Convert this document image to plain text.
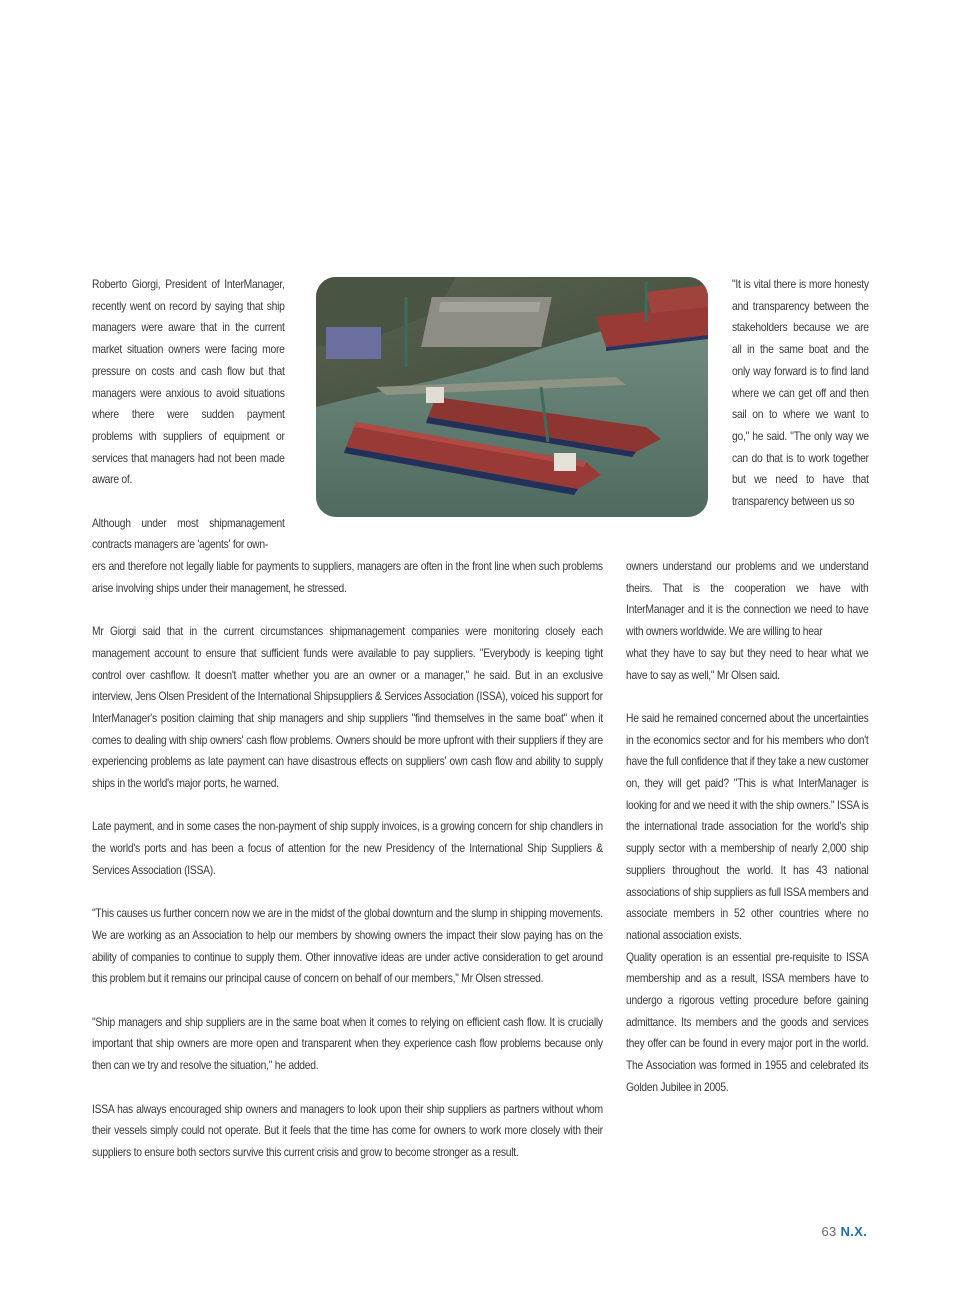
Roberto Giorgi, President of InterManager, recently went on record by saying that ship managers were aware that in the current market situation owners were facing more pressure on costs and cash flow but that managers were anxious to avoid situations where there were sudden payment problems with suppliers of equipment or services that managers had not been made aware of.

Although under most shipmanagement contracts managers are 'agents' for own-

ers and therefore not legally liable for payments to suppliers, managers are often in the front line when such problems arise involving ships under their management, he stressed.

Mr Giorgi said that in the current circumstances shipmanagement companies were monitoring closely each management account to ensure that sufficient funds were available to pay suppliers. "Everybody is keeping tight control over cashflow. It doesn't matter whether you are an owner or a manager," he said. But in an exclusive interview, Jens Olsen President of the International Shipsuppliers & Services Association (ISSA), voiced his support for InterManager's position claiming that ship managers and ship suppliers "find themselves in the same boat" when it comes to dealing with ship owners' cash flow problems. Owners should be more upfront with their suppliers if they are experiencing problems as late payment can have disastrous effects on suppliers' own cash flow and ability to supply ships in the world's major ports, he warned.

Late payment, and in some cases the non-payment of ship supply invoices, is a growing concern for ship chandlers in the world's ports and has been a focus of attention for the new Presidency of the International Ship Suppliers & Services Association (ISSA).

"This causes us further concern now we are in the midst of the global downturn and the slump in shipping movements. We are working as an Association to help our members by showing owners the impact their slow paying has on the ability of companies to continue to supply them. Other innovative ideas are under active consideration to get around this problem but it remains our principal cause of concern on behalf of our members," Mr Olsen stressed.

"Ship managers and ship suppliers are in the same boat when it comes to relying on efficient cash flow. It is crucially important that ship owners are more open and transparent when they experience cash flow problems because only then can we try and resolve the situation," he added.

ISSA has always encouraged ship owners and managers to look upon their ship suppliers as partners without whom their vessels simply could not operate. But it feels that the time has come for owners to work more closely with their suppliers to ensure both sectors survive this current crisis and grow to become stronger as a result.

"It is vital there is more honesty and transparency between the stakeholders because we are all in the same boat and the only way forward is to find land where we can get off and then sail on to where we want to go," he said. "The only way we can do that is to work together but we need to have that transparency between us so

owners understand our problems and we understand theirs. That is the cooperation we have with InterManager and it is the connection we need to have with owners worldwide. We are willing to hear

what they have to say but they need to hear what we have to say as well," Mr Olsen said.

He said he remained concerned about the uncertainties in the economics sector and for his members who don't have the full confidence that if they take a new customer on, they will get paid? "This is what InterManager is looking for and we need it with the ship owners." ISSA is the international trade association for the world's ship supply sector with a membership of nearly 2,000 ship suppliers throughout the world. It has 43 national associations of ship suppliers as full ISSA members and associate members in 52 other countries where no national association exists.

Quality operation is an essential pre-requisite to ISSA membership and as a result, ISSA members have to undergo a rigorous vetting procedure before gaining admittance. Its members and the goods and services they offer can be found in every major port in the world. The Association was formed in 1955 and celebrated its Golden Jubilee in 2005.

63 N.X.
